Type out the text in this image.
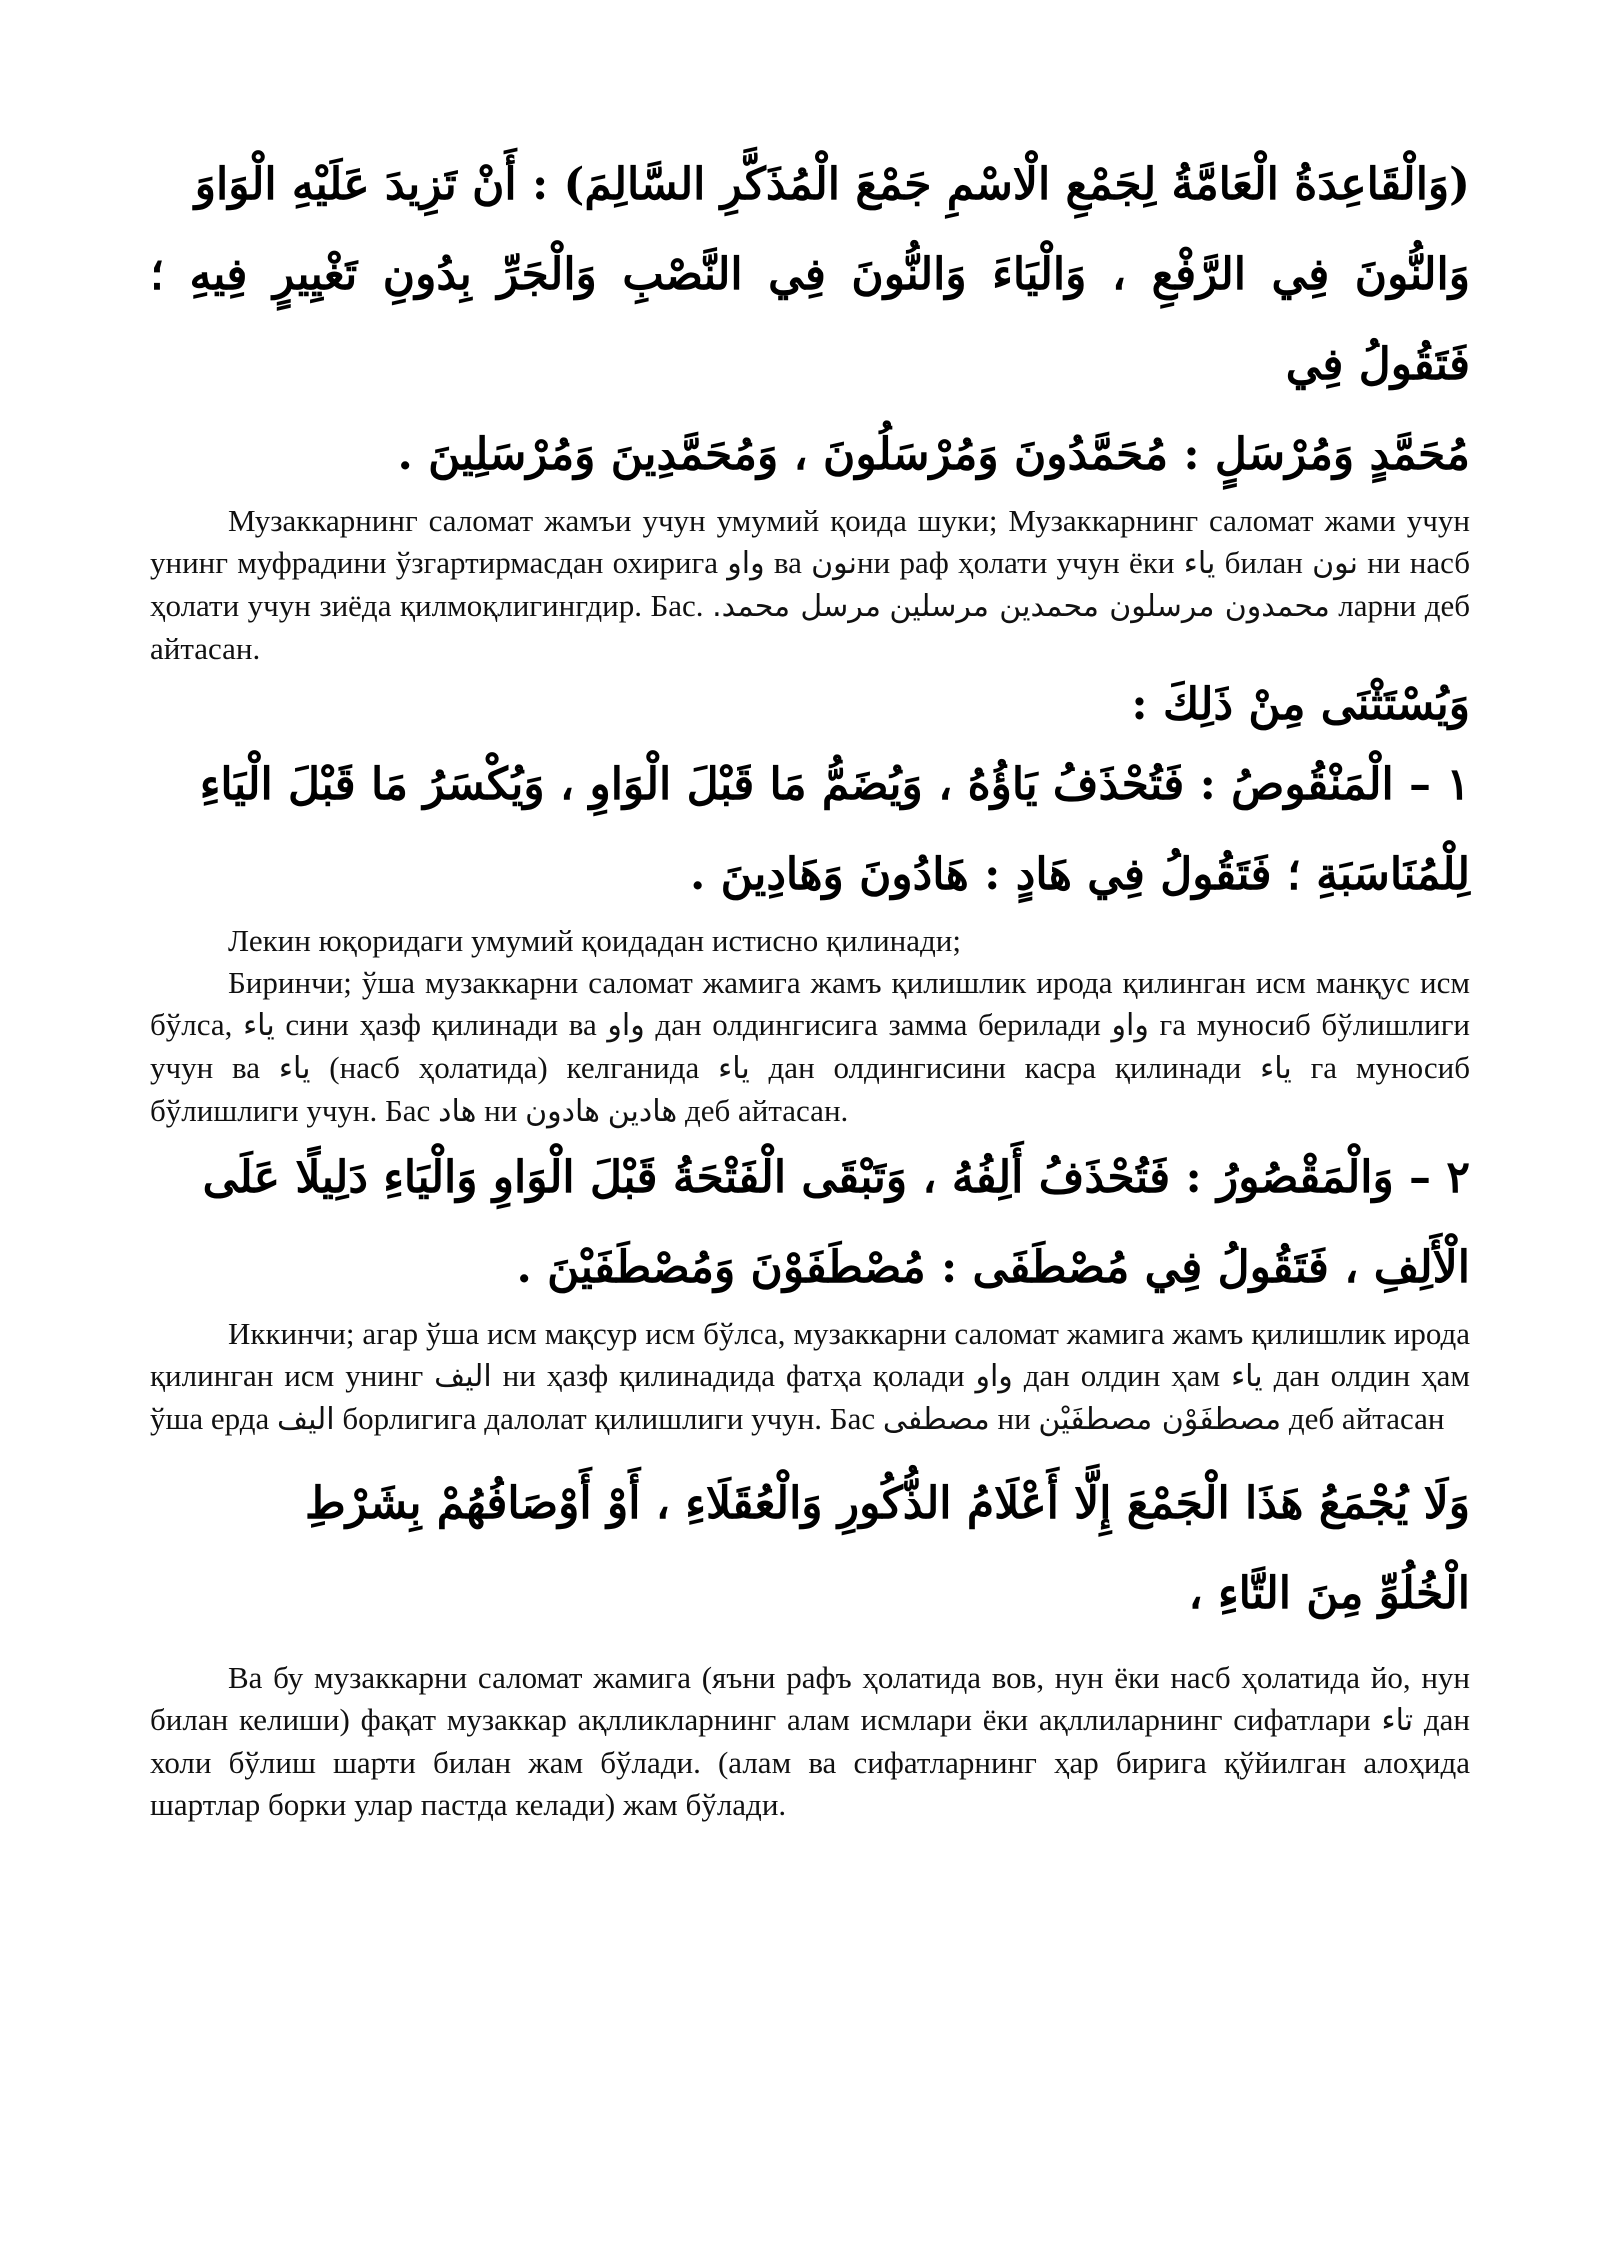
(وَالْقَاعِدَةُ الْعَامَّةُ لِجَمْعِ الْاسْمِ جَمْعَ الْمُذَكَّرِ السَّالِمَ) : أَنْ تَزِيدَ عَلَيْهِ الْوَاوَ

وَالنُّونَ فِي الرَّفْعِ ، وَالْيَاءَ وَالنُّونَ فِي النَّصْبِ وَالْجَرِّ بِدُونِ تَغْيِيرٍ فِيهِ ؛ فَتَقُولُ فِي

مُحَمَّدٍ وَمُرْسَلٍ : مُحَمَّدُونَ وَمُرْسَلُونَ ، وَمُحَمَّدِينَ وَمُرْسَلِينَ .

Музаккарнинг саломат жамъи учун умумий қоида шуки; Музаккарнинг саломат жами учун унинг муфрадини ўзгартирмасдан охирига واو ва نونни раф ҳолати учун ёки ياء билан نون ни насб ҳолати учун зиёда қилмоқлигингдир. Бас. مرسل محمد. محمدون مرسلون محمدين مرسلين ларни деб айтасан.

وَيُسْتَثْنَى مِنْ ذَلِكَ :

١ – الْمَنْقُوصُ : فَتُحْذَفُ يَاؤُهُ ، وَيُضَمُّ مَا قَبْلَ الْوَاوِ ، وَيُكْسَرُ مَا قَبْلَ الْيَاءِ

لِلْمُنَاسَبَةِ ؛ فَتَقُولُ فِي هَادٍ : هَادُونَ وَهَادِينَ .

Лекин юқоридаги умумий қоидадан истисно қилинади;

Биринчи; ўша музаккарни саломат жамига жамъ қилишлик ирода қилинган исм манқус исм бўлса, ياء сини ҳазф қилинади ва واو дан олдингисига замма берилади واو га муносиб бўлишлиги учун ва ياء (насб ҳолатида) келганида ياء дан олдингисини касра қилинади ياء га муносиб бўлишлиги учун. Бас هاد ни هادون هادين деб айтасан.

٢ – وَالْمَقْصُورُ : فَتُحْذَفُ أَلِفُهُ ، وَتَبْقَى الْفَتْحَةُ قَبْلَ الْوَاوِ وَالْيَاءِ دَلِيلًا عَلَى

الْأَلِفِ ، فَتَقُولُ فِي مُصْطَفَى : مُصْطَفَوْنَ وَمُصْطَفَيْنَ .

Иккинчи; агар ўша исм мақсур исм бўлса, музаккарни саломат жамига жамъ қилишлик ирода қилинган исм унинг الیف ни ҳазф қилинадида фатҳа қолади واو дан олдин ҳам ياء дан олдин ҳам ўша ерда الیف борлигига далолат қилишлиги учун. Бас مصطفى ни مصطفَوْن مصطفَيْن деб айтасан

وَلَا يُجْمَعُ هَذَا الْجَمْعَ إِلَّا أَعْلَامُ الذُّكُورِ وَالْعُقَلَاءِ ، أَوْ أَوْصَافُهُمْ بِشَرْطِ

الْخُلُوِّ مِنَ التَّاءِ ،

Ва бу музаккарни саломат жамига (яъни рафъ ҳолатида вов, нун ёки насб ҳолатида йо, нун билан келиши) фақат музаккар ақлликларнинг алам исмлари ёки ақллиларнинг сифатлари تاء дан холи бўлиш шарти билан жам бўлади. (алам ва сифатларнинг ҳар бирига қўйилган алоҳида шартлар борки улар пастда келади) жам бўлади.
